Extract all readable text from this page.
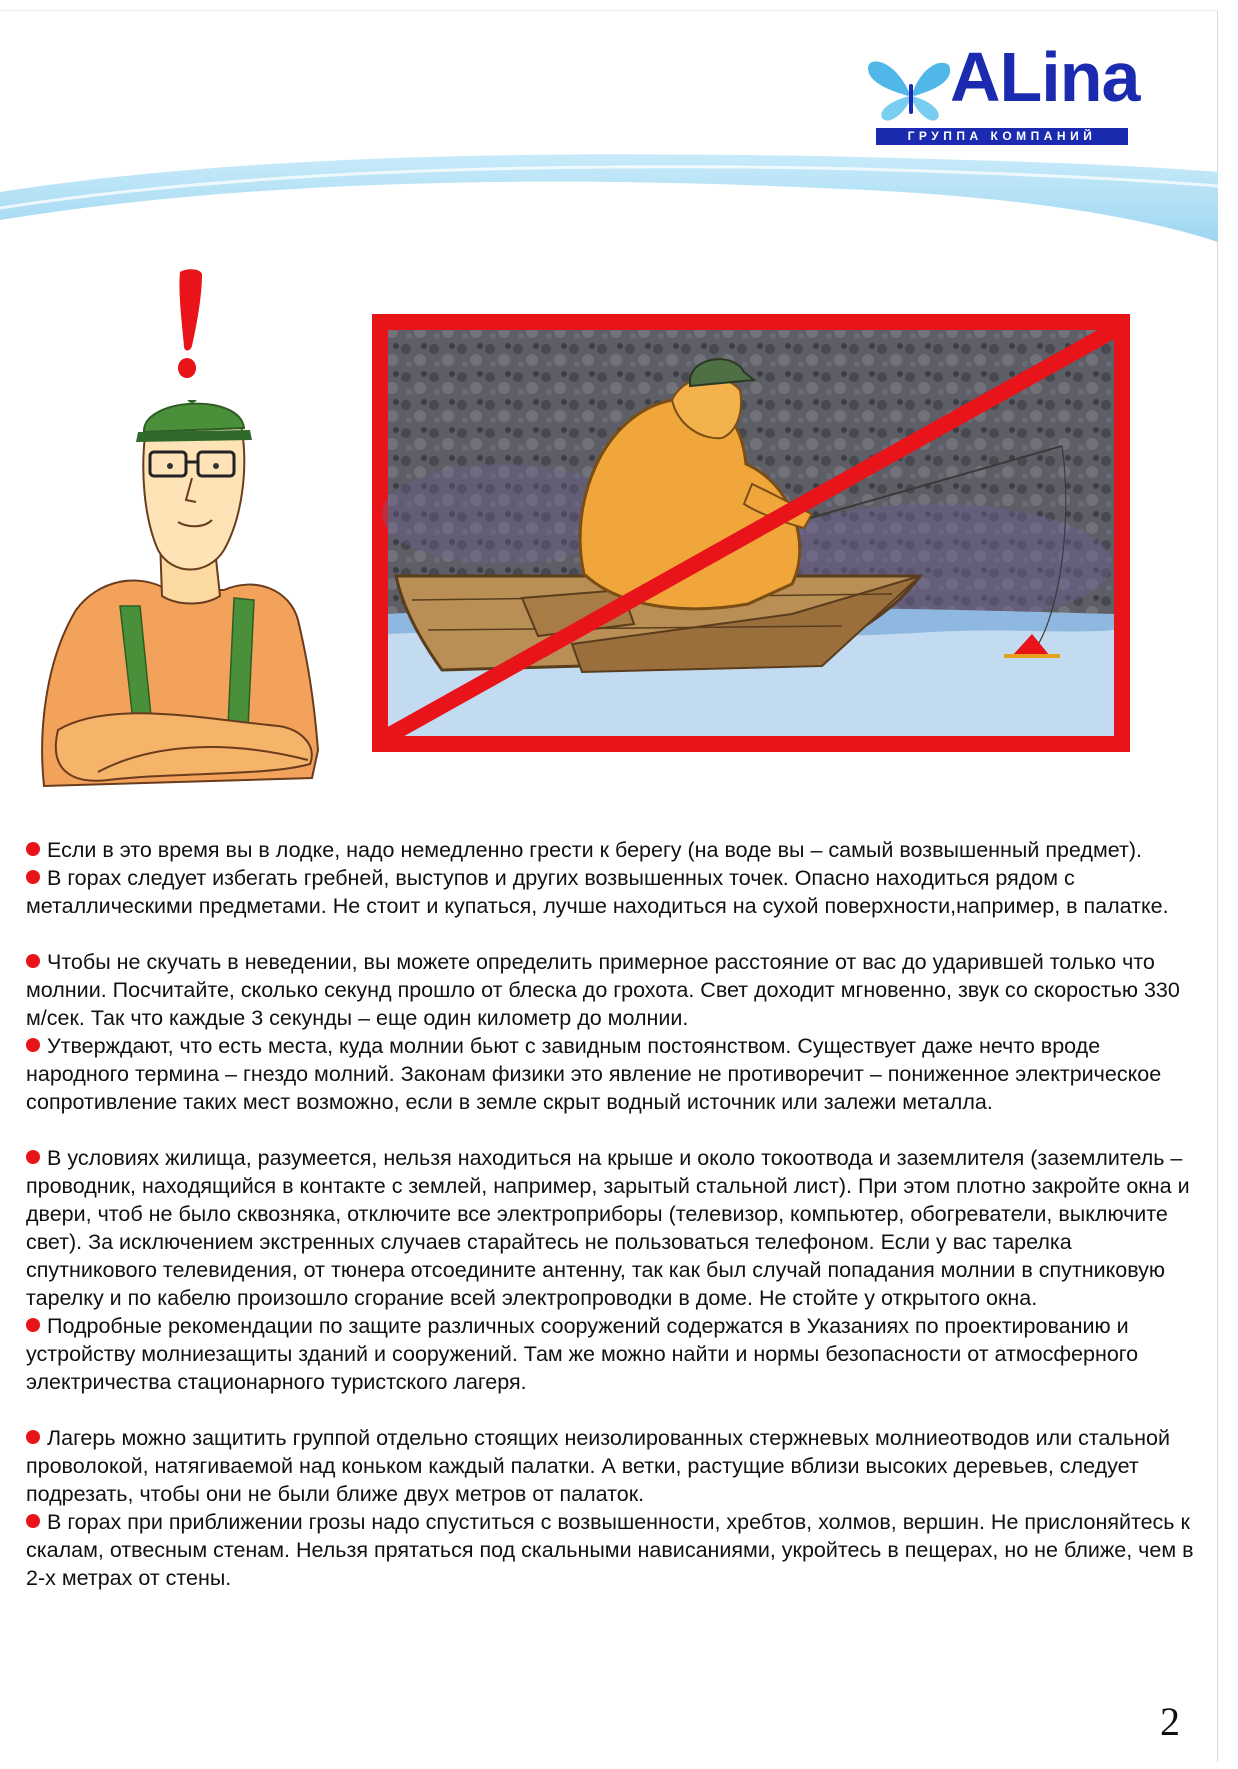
ALina
ГРУППА КОМПАНИЙ

Если в это время вы в лодке, надо немедленно грести к берегу (на воде вы – самый возвышенный предмет).

В горах следует избегать гребней, выступов и других возвышенных точек. Опасно находиться рядом с металлическими предметами. Не стоит и купаться, лучше находиться на сухой поверхности,например, в палатке.

Чтобы не скучать в неведении, вы можете определить примерное расстояние от вас до ударившей только что молнии. Посчитайте, сколько секунд прошло от блеска до грохота. Свет доходит мгновенно, звук со скоростью 330 м/сек. Так что каждые 3 секунды – еще один километр до молнии.

Утверждают, что есть места, куда молнии бьют с завидным постоянством. Существует даже нечто вроде народного термина – гнездо молний. Законам физики это явление не противоречит – пониженное электрическое сопротивление таких мест возможно, если в земле скрыт водный источник или залежи металла.

В условиях жилища, разумеется, нельзя находиться на крыше и около токоотвода и заземлителя (заземлитель – проводник, находящийся в контакте с землей, например, зарытый стальной лист). При этом плотно закройте окна и двери, чтоб не было сквозняка, отключите все электроприборы (телевизор, компьютер, обогреватели, выключите свет). За исключением экстренных случаев старайтесь не пользоваться телефоном. Если у вас тарелка спутникового телевидения, от тюнера отсоедините антенну, так как был случай попадания молнии в спутниковую тарелку и по кабелю произошло сгорание всей электропроводки в доме. Не стойте у открытого окна.

Подробные рекомендации по защите различных сооружений содержатся в Указаниях по проектированию и устройству молниезащиты зданий и сооружений. Там же можно найти и нормы безопасности от атмосферного электричества стационарного туристского лагеря.

Лагерь можно защитить группой отдельно стоящих неизолированных стержневых молниеотводов или стальной проволокой, натягиваемой над коньком каждый палатки. А ветки, растущие вблизи высоких деревьев, следует подрезать, чтобы они не были ближе двух метров от палаток.

В горах при приближении грозы надо спуститься с возвышенности, хребтов, холмов, вершин. Не прислоняйтесь к скалам, отвесным стенам. Нельзя прятаться под скальными нависаниями, укройтесь в пещерах, но не ближе, чем в 2-х метрах от стены.

2
